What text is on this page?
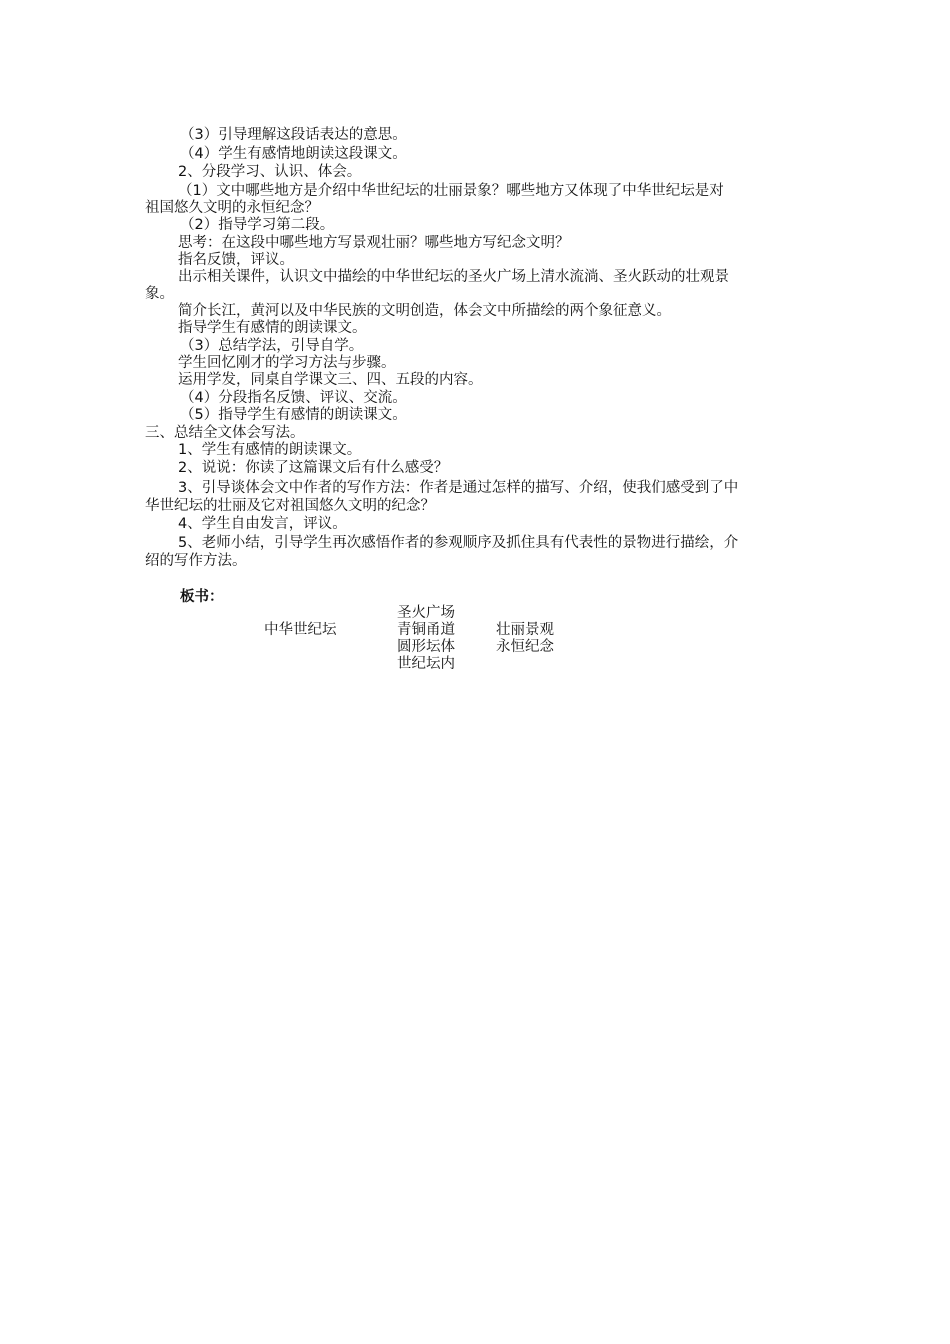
（3）引导理解这段话表达的意思。
（4）学生有感情地朗读这段课文。
2、分段学习、认识、体会。
（1）文中哪些地方是介绍中华世纪坛的壮丽景象？哪些地方又体现了中华世纪坛是对
祖国悠久文明的永恒纪念？
（2）指导学习第二段。
思考：在这段中哪些地方写景观壮丽？哪些地方写纪念文明？
指名反馈，评议。
出示相关课件，认识文中描绘的中华世纪坛的圣火广场上清水流淌、圣火跃动的壮观景
象。
简介长江，黄河以及中华民族的文明创造，体会文中所描绘的两个象征意义。
指导学生有感情的朗读课文。
（3）总结学法，引导自学。
学生回忆刚才的学习方法与步骤。
运用学发，同桌自学课文三、四、五段的内容。
（4）分段指名反馈、评议、交流。
（5）指导学生有感情的朗读课文。
三、总结全文体会写法。
1、学生有感情的朗读课文。
2、说说：你读了这篇课文后有什么感受？
3、引导谈体会文中作者的写作方法：作者是通过怎样的描写、介绍，使我们感受到了中
华世纪坛的壮丽及它对祖国悠久文明的纪念？
4、学生自由发言，评议。
5、老师小结，引导学生再次感悟作者的参观顺序及抓住具有代表性的景物进行描绘，介
绍的写作方法。
板书：
中华世纪坛
圣火广场
青铜甬道
圆形坛体
世纪坛内
壮丽景观
永恒纪念
